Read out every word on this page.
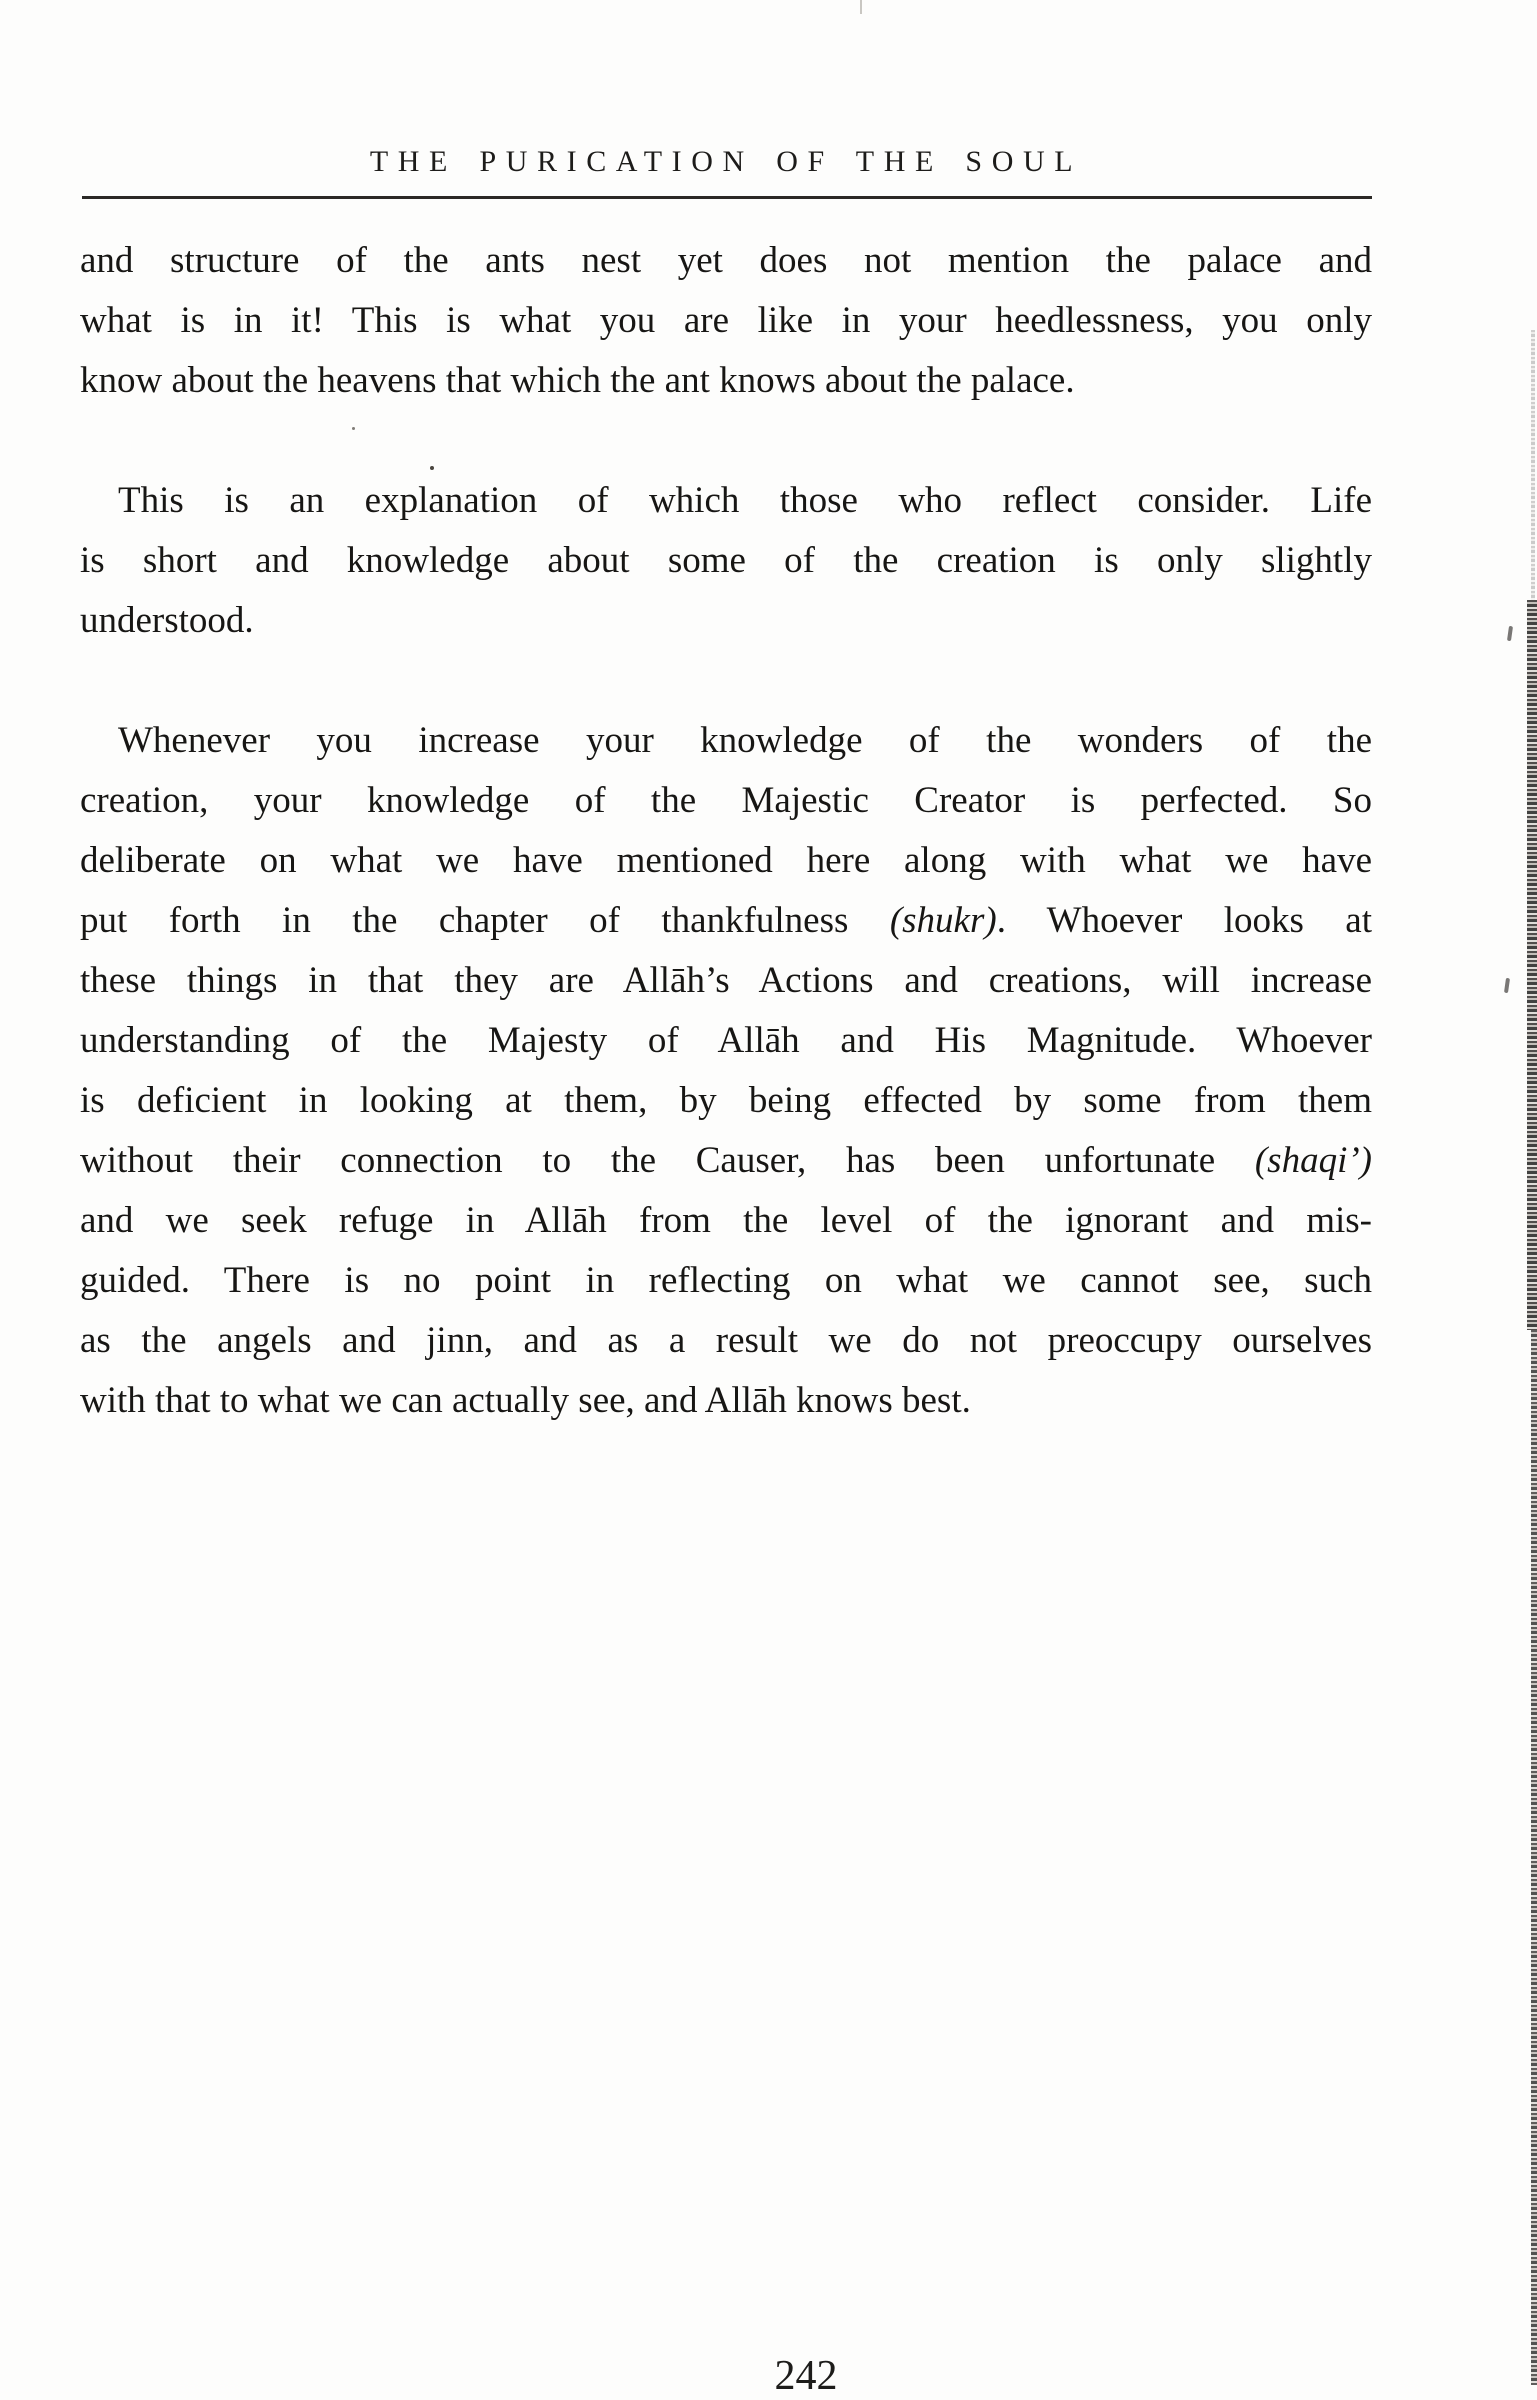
THE PURICATION OF THE SOUL
and structure of the ants nest yet does not mention the palace and
what is in it! This is what you are like in your heedlessness, you only
know about the heavens that which the ant knows about the palace.
This is an explanation of which those who reflect consider. Life
is short and knowledge about some of the creation is only slightly
understood.
Whenever you increase your knowledge of the wonders of the
creation, your knowledge of the Majestic Creator is perfected. So
deliberate on what we have mentioned here along with what we have
put forth in the chapter of thankfulness (shukr). Whoever looks at
these things in that they are Allāh’s Actions and creations, will increase
understanding of the Majesty of Allāh and His Magnitude. Whoever
is deficient in looking at them, by being effected by some from them
without their connection to the Causer, has been unfortunate (shaqi’)
and we seek refuge in Allāh from the level of the ignorant and mis-
guided. There is no point in reflecting on what we cannot see, such
as the angels and jinn, and as a result we do not preoccupy ourselves
with that to what we can actually see, and Allāh knows best.
242
